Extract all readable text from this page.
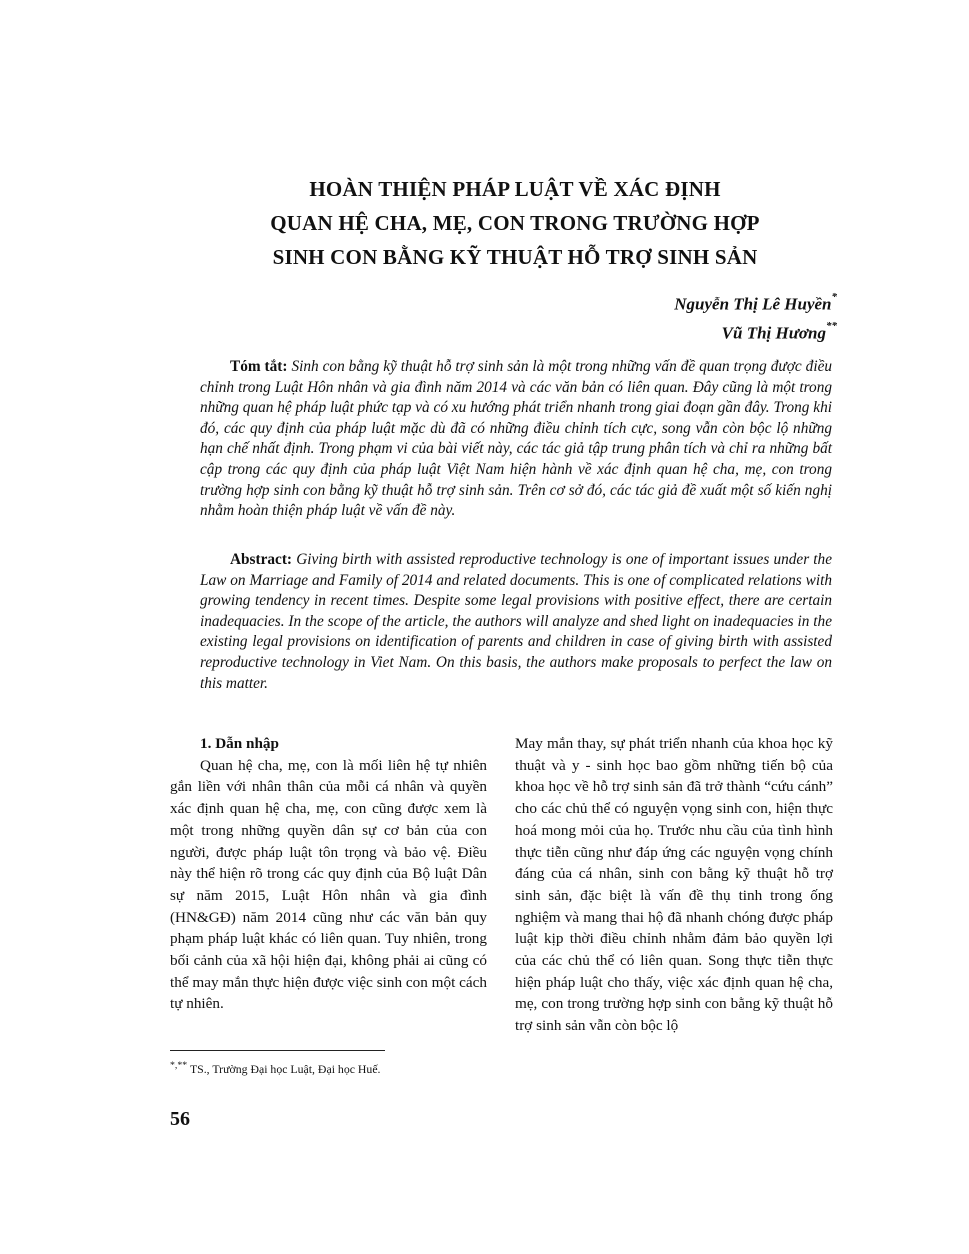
HOÀN THIỆN PHÁP LUẬT VỀ XÁC ĐỊNH
QUAN HỆ CHA, MẸ, CON TRONG TRƯỜNG HỢP
SINH CON BẰNG KỸ THUẬT HỖ TRỢ SINH SẢN
Nguyễn Thị Lê Huyền*
Vũ Thị Hương**
Tóm tắt: Sinh con bằng kỹ thuật hỗ trợ sinh sản là một trong những vấn đề quan trọng được điều chỉnh trong Luật Hôn nhân và gia đình năm 2014 và các văn bản có liên quan. Đây cũng là một trong những quan hệ pháp luật phức tạp và có xu hướng phát triển nhanh trong giai đoạn gần đây. Trong khi đó, các quy định của pháp luật mặc dù đã có những điều chỉnh tích cực, song vẫn còn bộc lộ những hạn chế nhất định. Trong phạm vi của bài viết này, các tác giả tập trung phân tích và chỉ ra những bất cập trong các quy định của pháp luật Việt Nam hiện hành về xác định quan hệ cha, mẹ, con trong trường hợp sinh con bằng kỹ thuật hỗ trợ sinh sản. Trên cơ sở đó, các tác giả đề xuất một số kiến nghị nhằm hoàn thiện pháp luật về vấn đề này.
Abstract: Giving birth with assisted reproductive technology is one of important issues under the Law on Marriage and Family of 2014 and related documents. This is one of complicated relations with growing tendency in recent times. Despite some legal provisions with positive effect, there are certain inadequacies. In the scope of the article, the authors will analyze and shed light on inadequacies in the existing legal provisions on identification of parents and children in case of giving birth with assisted reproductive technology in Viet Nam. On this basis, the authors make proposals to perfect the law on this matter.
1. Dẫn nhập
Quan hệ cha, mẹ, con là mối liên hệ tự nhiên gắn liền với nhân thân của mỗi cá nhân và quyền xác định quan hệ cha, mẹ, con cũng được xem là một trong những quyền dân sự cơ bản của con người, được pháp luật tôn trọng và bảo vệ. Điều này thể hiện rõ trong các quy định của Bộ luật Dân sự năm 2015, Luật Hôn nhân và gia đình (HN&GĐ) năm 2014 cũng như các văn bản quy phạm pháp luật khác có liên quan. Tuy nhiên, trong bối cảnh của xã hội hiện đại, không phải ai cũng có thể may mắn thực hiện được việc sinh con một cách tự nhiên.
May mắn thay, sự phát triển nhanh của khoa học kỹ thuật và y - sinh học bao gồm những tiến bộ của khoa học về hỗ trợ sinh sản đã trở thành “cứu cánh” cho các chủ thể có nguyện vọng sinh con, hiện thực hoá mong mỏi của họ. Trước nhu cầu của tình hình thực tiễn cũng như đáp ứng các nguyện vọng chính đáng của cá nhân, sinh con bằng kỹ thuật hỗ trợ sinh sản, đặc biệt là vấn đề thụ tinh trong ống nghiệm và mang thai hộ đã nhanh chóng được pháp luật kịp thời điều chỉnh nhằm đảm bảo quyền lợi của các chủ thể có liên quan. Song thực tiễn thực hiện pháp luật cho thấy, việc xác định quan hệ cha, mẹ, con trong trường hợp sinh con bằng kỹ thuật hỗ trợ sinh sản vẫn còn bộc lộ
*,** TS., Trường Đại học Luật, Đại học Huế.
56
